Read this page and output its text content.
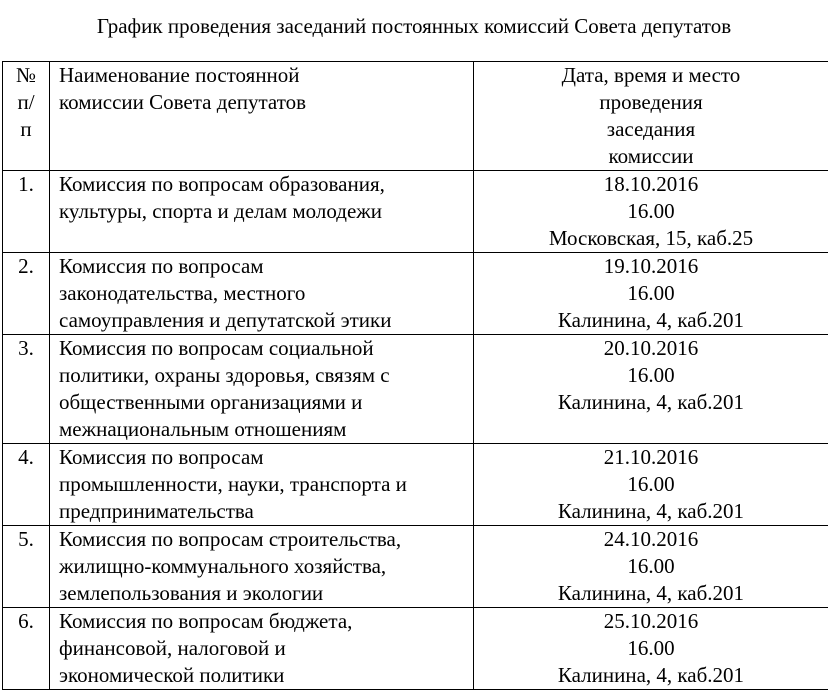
График проведения заседаний постоянных комиссий Совета депутатов
№
п/
п	Наименование постоянной
комиссии Совета депутатов	Дата, время и место
проведения
заседания
комиссии

1.	Комиссия по вопросам образования,
культуры, спорта и делам молодежи	18.10.2016
16.00
Московская, 15, каб.25

2.	Комиссия по вопросам
законодательства, местного
самоуправления и депутатской этики	19.10.2016
16.00
Калинина, 4, каб.201

3.	Комиссия по вопросам социальной
политики, охраны здоровья, связям с
общественными организациями и
межнациональным отношениям	20.10.2016
16.00
Калинина, 4, каб.201

4.	Комиссия по вопросам
промышленности, науки, транспорта и
предпринимательства	21.10.2016
16.00
Калинина, 4, каб.201

5.	Комиссия по вопросам строительства,
жилищно-коммунального хозяйства,
землепользования и экологии	24.10.2016
16.00
Калинина, 4, каб.201

6.	Комиссия по вопросам бюджета,
финансовой, налоговой и
экономической политики	25.10.2016
16.00
Калинина, 4, каб.201
